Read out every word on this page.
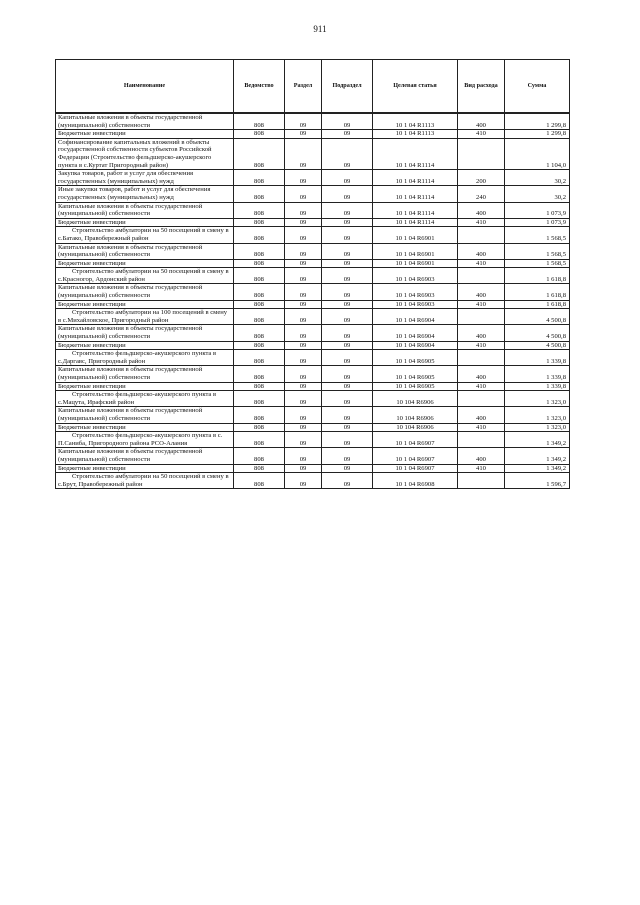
911
Наименование	Ведомство	Раздел	Подраздел	Целевая статья	Вид расхода	Сумма
Капитальные вложения в объекты государственной (муниципальной) собственности	808	09	09	10 1 04 R1113	400	1 299,8
Бюджетные инвестиции	808	09	09	10 1 04 R1113	410	1 299,8
Софинансирование капитальных вложений в объекты государственной собственности субъектов Российской Федерации (Строительство фельдшерско-акушерского пункта в с.Куртат Пригородный район)	808	09	09	10 1 04 R1114		1 104,0
Закупка товаров, работ и услуг для обеспечения государственных (муниципальных) нужд	808	09	09	10 1 04 R1114	200	30,2
Иные закупки товаров, работ и услуг для обеспечения государственных (муниципальных) нужд	808	09	09	10 1 04 R1114	240	30,2
Капитальные вложения в объекты государственной (муниципальной) собственности	808	09	09	10 1 04 R1114	400	1 073,9
Бюджетные инвестиции	808	09	09	10 1 04 R1114	410	1 073,9
Строительство амбулатории на 50 посещений в смену в с.Батако, Правобережный район	808	09	09	10 1 04 R6901		1 568,5
Капитальные вложения в объекты государственной (муниципальной) собственности	808	09	09	10 1 04 R6901	400	1 568,5
Бюджетные инвестиции	808	09	09	10 1 04 R6901	410	1 568,5
Строительство амбулатории на 50 посещений в смену в с.Красногор, Ардонский район	808	09	09	10 1 04 R6903		1 618,8
Капитальные вложения в объекты государственной (муниципальной) собственности	808	09	09	10 1 04 R6903	400	1 618,8
Бюджетные инвестиции	808	09	09	10 1 04 R6903	410	1 618,8
Строительство амбулатории на 100 посещений в смену в с.Михайловское, Пригородный район	808	09	09	10 1 04 R6904		4 500,8
Капитальные вложения в объекты государственной (муниципальной) собственности	808	09	09	10 1 04 R6904	400	4 500,8
Бюджетные инвестиции	808	09	09	10 1 04 R6904	410	4 500,8
Строительство фельдшерско-акушерского пункта в с.Даргавс, Пригородный район	808	09	09	10 1 04 R6905		1 339,8
Капитальные вложения в объекты государственной (муниципальной) собственности	808	09	09	10 1 04 R6905	400	1 339,8
Бюджетные инвестиции	808	09	09	10 1 04 R6905	410	1 339,8
Строительство фельдшерско-акушерского пункта в с.Мацута, Ирафский район	808	09	09	10 104 R6906		1 323,0
Капитальные вложения в объекты государственной (муниципальной) собственности	808	09	09	10 104 R6906	400	1 323,0
Бюджетные инвестиции	808	09	09	10 104 R6906	410	1 323,0
Строительство фельдшерско-акушерского пункта в с. П.Саниба, Пригородного района РСО-Алания	808	09	09	10 1 04 R6907		1 349,2
Капитальные вложения в объекты государственной (муниципальной) собственности	808	09	09	10 1 04 R6907	400	1 349,2
Бюджетные инвестиции	808	09	09	10 1 04 R6907	410	1 349,2
Строительство амбулатории на 50 посещений в смену в с.Брут, Правобережный район	808	09	09	10 1 04 R6908		1 596,7
